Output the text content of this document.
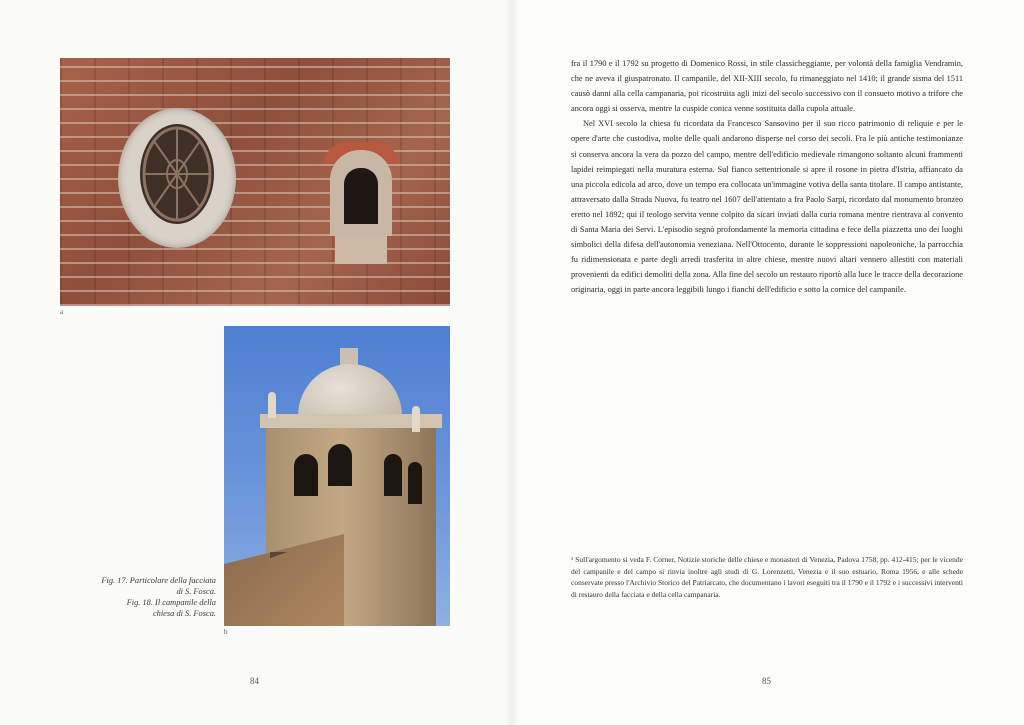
a
b

Fig. 17. Particolare della facciata

di S. Fosca.

Fig. 18. Il campanile della

chiesa di S. Fosca.

84

fra il 1790 e il 1792 su progetto di Domenico Rossi, in stile classicheggiante, per volontà della famiglia Vendramin, che ne aveva il giuspatronato. Il campanile, del XII-XIII secolo, fu rimaneggiato nel 1410; il grande sisma del 1511 causò danni alla cella campanaria, poi ricostruita agli inizi del secolo successivo con il consueto motivo a trifore che ancora oggi si osserva, mentre la cuspide conica venne sostituita dalla cupola attuale.

Nel XVI secolo la chiesa fu ricordata da Francesco Sansovino per il suo ricco patrimonio di reliquie e per le opere d'arte che custodiva, molte delle quali andarono disperse nel corso dei secoli. Fra le più antiche testimonianze si conserva ancora la vera da pozzo del campo, mentre dell'edificio medievale rimangono soltanto alcuni frammenti lapidei reimpiegati nella muratura esterna. Sul fianco settentrionale si apre il rosone in pietra d'Istria, affiancato da una piccola edicola ad arco, dove un tempo era collocata un'immagine votiva della santa titolare. Il campo antistante, attraversato dalla Strada Nuova, fu teatro nel 1607 dell'attentato a fra Paolo Sarpi, ricordato dal monumento bronzeo eretto nel 1892; qui il teologo servita venne colpito da sicari inviati dalla curia romana mentre rientrava al convento di Santa Maria dei Servi. L'episodio segnò profondamente la memoria cittadina e fece della piazzetta uno dei luoghi simbolici della difesa dell'autonomia veneziana. Nell'Ottocento, durante le soppressioni napoleoniche, la parrocchia fu ridimensionata e parte degli arredi trasferita in altre chiese, mentre nuovi altari vennero allestiti con materiali provenienti da edifici demoliti della zona. Alla fine del secolo un restauro riportò alla luce le tracce della decorazione originaria, oggi in parte ancora leggibili lungo i fianchi dell'edificio e sotto la cornice del campanile.

¹ Sull'argomento si veda F. Corner, Notizie storiche delle chiese e monasteri di Venezia, Padova 1758, pp. 412-415; per le vicende del campanile e del campo si rinvia inoltre agli studi di G. Lorenzetti, Venezia e il suo estuario, Roma 1956, e alle schede conservate presso l'Archivio Storico del Patriarcato, che documentano i lavori eseguiti tra il 1790 e il 1792 e i successivi interventi di restauro della facciata e della cella campanaria.

85
